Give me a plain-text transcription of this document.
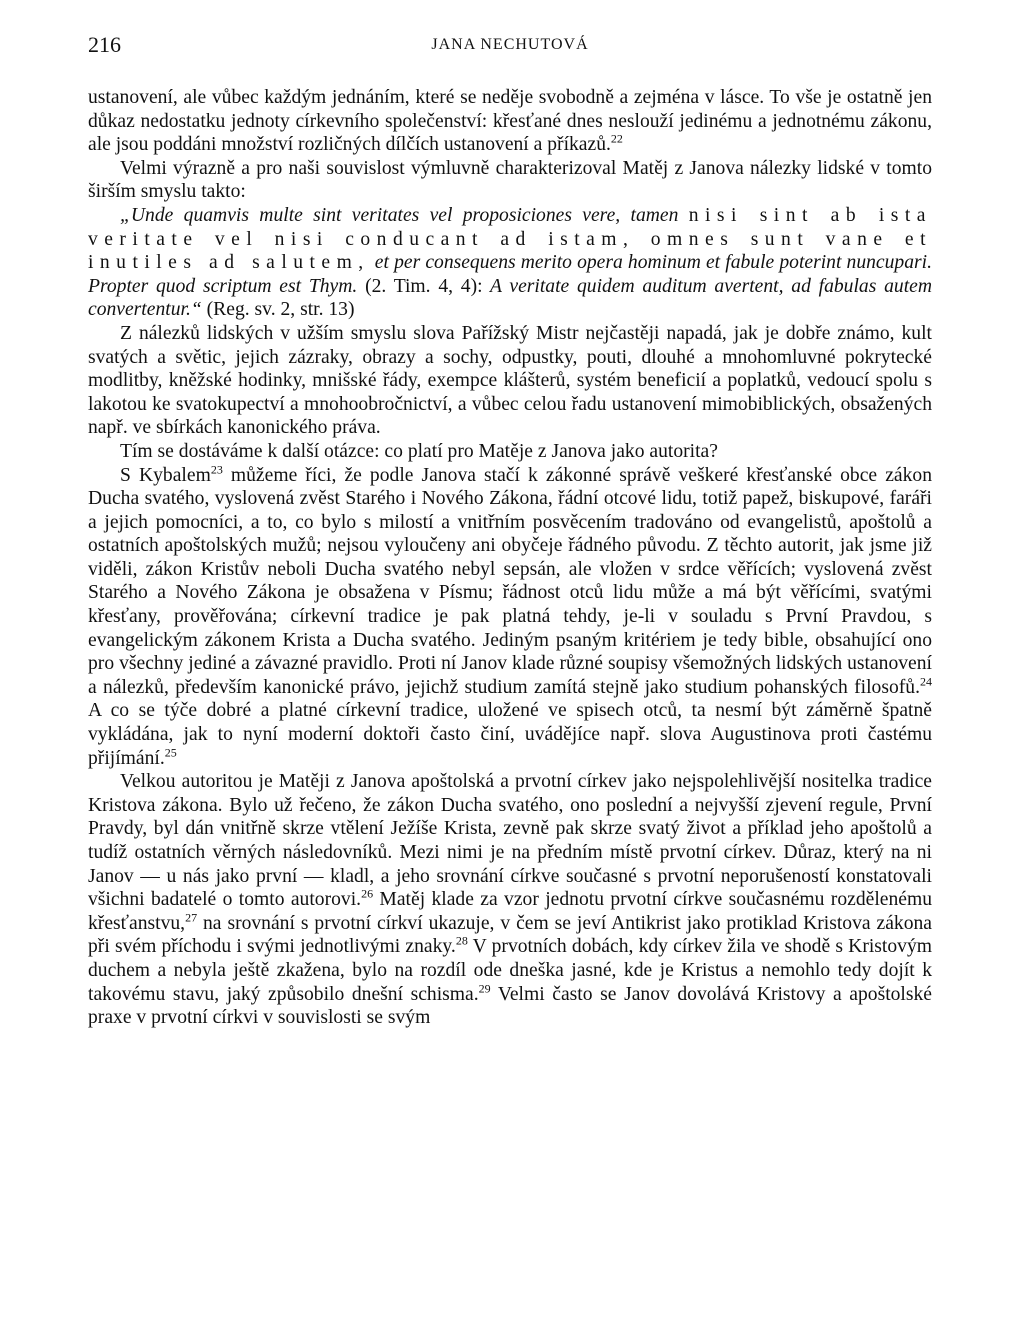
216	JANA NECHUTOVÁ

ustanovení, ale vůbec každým jednáním, které se neděje svobodně a zejména v lásce. To vše je ostatně jen důkaz nedostatku jednoty církevního společenství: křesťané dnes neslouží jedinému a jednotnému zákonu, ale jsou poddáni množství rozličných dílčích ustanovení a příkazů.$^{22}$

Velmi výrazně a pro naši souvislost výmluvně charakterizoval Matěj z Janova nálezky lidské v tomto širším smyslu takto:

„Unde quamvis multe sint veritates vel proposiciones vere, tamen nisi sint ab ista veritate vel nisi conducant ad istam, omnes sunt vane et inutiles ad salutem, et per consequens merito opera hominum et fabule poterint nuncupari. Propter quod scriptum est Thym. (2. Tim. 4, 4): A veritate quidem auditum avertent, ad fabulas autem convertentur.“ (Reg. sv. 2, str. 13)

Z nálezků lidských v užším smyslu slova Pařížský Mistr nejčastěji napadá, jak je dobře známo, kult svatých a světic, jejich zázraky, obrazy a sochy, odpustky, pouti, dlouhé a mnohomluvné pokrytecké modlitby, kněžské hodinky, mnišské řády, exempce klášterů, systém beneficií a poplatků, vedoucí spolu s lakotou ke svatokupectví a mnohoobročnictví, a vůbec celou řadu ustanovení mimobiblických, obsažených např. ve sbírkách kanonického práva.

Tím se dostáváme k další otázce: co platí pro Matěje z Janova jako autorita?

S Kybalem$^{23}$ můžeme říci, že podle Janova stačí k zákonné správě veškeré křesťanské obce zákon Ducha svatého, vyslovená zvěst Starého i Nového Zákona, řádní otcové lidu, totiž papež, biskupové, faráři a jejich pomocníci, a to, co bylo s milostí a vnitřním posvěcením tradováno od evangelistů, apoštolů a ostatních apoštolských mužů; nejsou vyloučeny ani obyčeje řádného původu. Z těchto autorit, jak jsme již viděli, zákon Kristův neboli Ducha svatého nebyl sepsán, ale vložen v srdce věřících; vyslovená zvěst Starého a Nového Zákona je obsažena v Písmu; řádnost otců lidu může a má být věřícími, svatými křesťany, prověřována; církevní tradice je pak platná tehdy, je-li v souladu s První Pravdou, s evangelickým zákonem Krista a Ducha svatého. Jediným psaným kritériem je tedy bible, obsahující ono pro všechny jediné a závazné pravidlo. Proti ní Janov klade různé soupisy všemožných lidských ustanovení a nálezků, především kanonické právo, jejichž studium zamítá stejně jako studium pohanských filosofů.$^{24}$ A co se týče dobré a platné církevní tradice, uložené ve spisech otců, ta nesmí být záměrně špatně vykládána, jak to nyní moderní doktoři často činí, uvádějíce např. slova Augustinova proti častému přijímání.$^{25}$

Velkou autoritou je Matěji z Janova apoštolská a prvotní církev jako nejspolehlivější nositelka tradice Kristova zákona. Bylo už řečeno, že zákon Ducha svatého, ono poslední a nejvyšší zjevení regule, První Pravdy, byl dán vnitřně skrze vtělení Ježíše Krista, zevně pak skrze svatý život a příklad jeho apoštolů a tudíž ostatních věrných následovníků. Mezi nimi je na předním místě prvotní církev. Důraz, který na ni Janov — u nás jako první — kladl, a jeho srovnání církve současné s prvotní neporušeností konstatovali všichni badatelé o tomto autorovi.$^{26}$ Matěj klade za vzor jednotu prvotní církve současnému rozdělenému křesťanstvu,$^{27}$ na srovnání s prvotní církví ukazuje, v čem se jeví Antikrist jako protiklad Kristova zákona při svém příchodu i svými jednotlivými znaky.$^{28}$ V prvotních dobách, kdy církev žila ve shodě s Kristovým duchem a nebyla ještě zkažena, bylo na rozdíl ode dneška jasné, kde je Kristus a nemohlo tedy dojít k takovému stavu, jaký způsobilo dnešní schisma.$^{29}$ Velmi často se Janov dovolává Kristovy a apoštolské praxe v prvotní církvi v souvislosti se svým
